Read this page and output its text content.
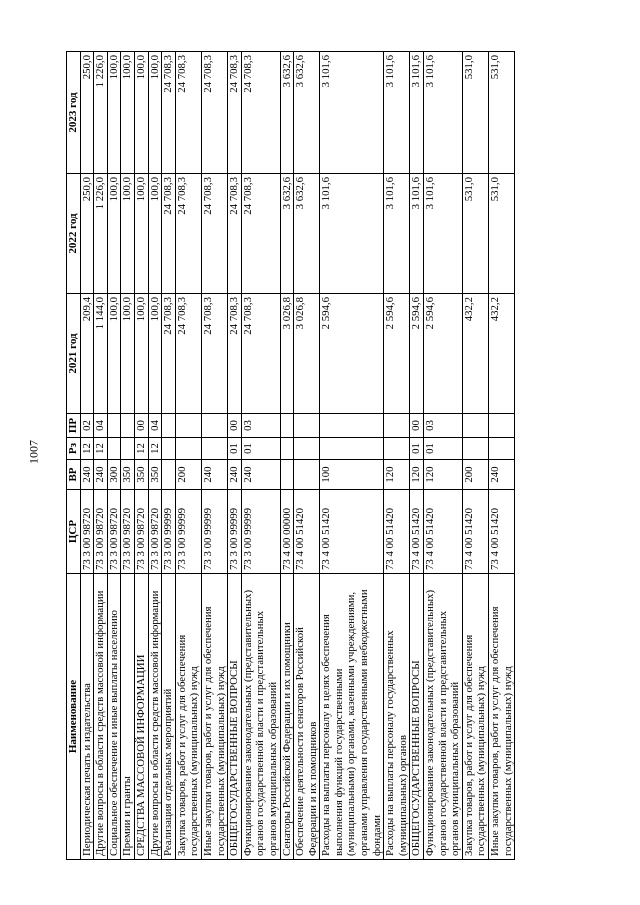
1007
Наименование	ЦСР	ВР	Рз	ПР	2021 год	2022 год	2023 год
Периодическая печать и издательства	73 3 00 98720	240	12	02	209,4	250,0	250,0
Другие вопросы в области средств массовой информации	73 3 00 98720	240	12	04	1 144,0	1 226,0	1 226,0
Социальное обеспечение и иные выплаты населению	73 3 00 98720	300			100,0	100,0	100,0
Премии и гранты	73 3 00 98720	350			100,0	100,0	100,0
СРЕДСТВА МАССОВОЙ ИНФОРМАЦИИ	73 3 00 98720	350	12	00	100,0	100,0	100,0
Другие вопросы в области средств массовой информации	73 3 00 98720	350	12	04	100,0	100,0	100,0
Реализация отдельных мероприятий	73 3 00 99999				24 708,3	24 708,3	24 708,3
Закупка товаров, работ и услуг для обеспечения государственных (муниципальных) нужд	73 3 00 99999	200			24 708,3	24 708,3	24 708,3
Иные закупки товаров, работ и услуг для обеспечения государственных (муниципальных) нужд	73 3 00 99999	240			24 708,3	24 708,3	24 708,3
ОБЩЕГОСУДАРСТВЕННЫЕ ВОПРОСЫ	73 3 00 99999	240	01	00	24 708,3	24 708,3	24 708,3
Функционирование законодательных (представительных) органов государственной власти и представительных органов муниципальных образований	73 3 00 99999	240	01	03	24 708,3	24 708,3	24 708,3
Сенаторы Российской Федерации и их помощники	73 4 00 00000				3 026,8	3 632,6	3 632,6
Обеспечение деятельности сенаторов Российской Федерации и их помощников	73 4 00 51420				3 026,8	3 632,6	3 632,6
Расходы на выплаты персоналу в целях обеспечения выполнения функций государственными (муниципальными) органами, казенными учреждениями, органами управления государственными внебюджетными фондами	73 4 00 51420	100			2 594,6	3 101,6	3 101,6
Расходы на выплаты персоналу государственных (муниципальных) органов	73 4 00 51420	120			2 594,6	3 101,6	3 101,6
ОБЩЕГОСУДАРСТВЕННЫЕ ВОПРОСЫ	73 4 00 51420	120	01	00	2 594,6	3 101,6	3 101,6
Функционирование законодательных (представительных) органов государственной власти и представительных органов муниципальных образований	73 4 00 51420	120	01	03	2 594,6	3 101,6	3 101,6
Закупка товаров, работ и услуг для обеспечения государственных (муниципальных) нужд	73 4 00 51420	200			432,2	531,0	531,0
Иные закупки товаров, работ и услуг для обеспечения государственных (муниципальных) нужд	73 4 00 51420	240			432,2	531,0	531,0
